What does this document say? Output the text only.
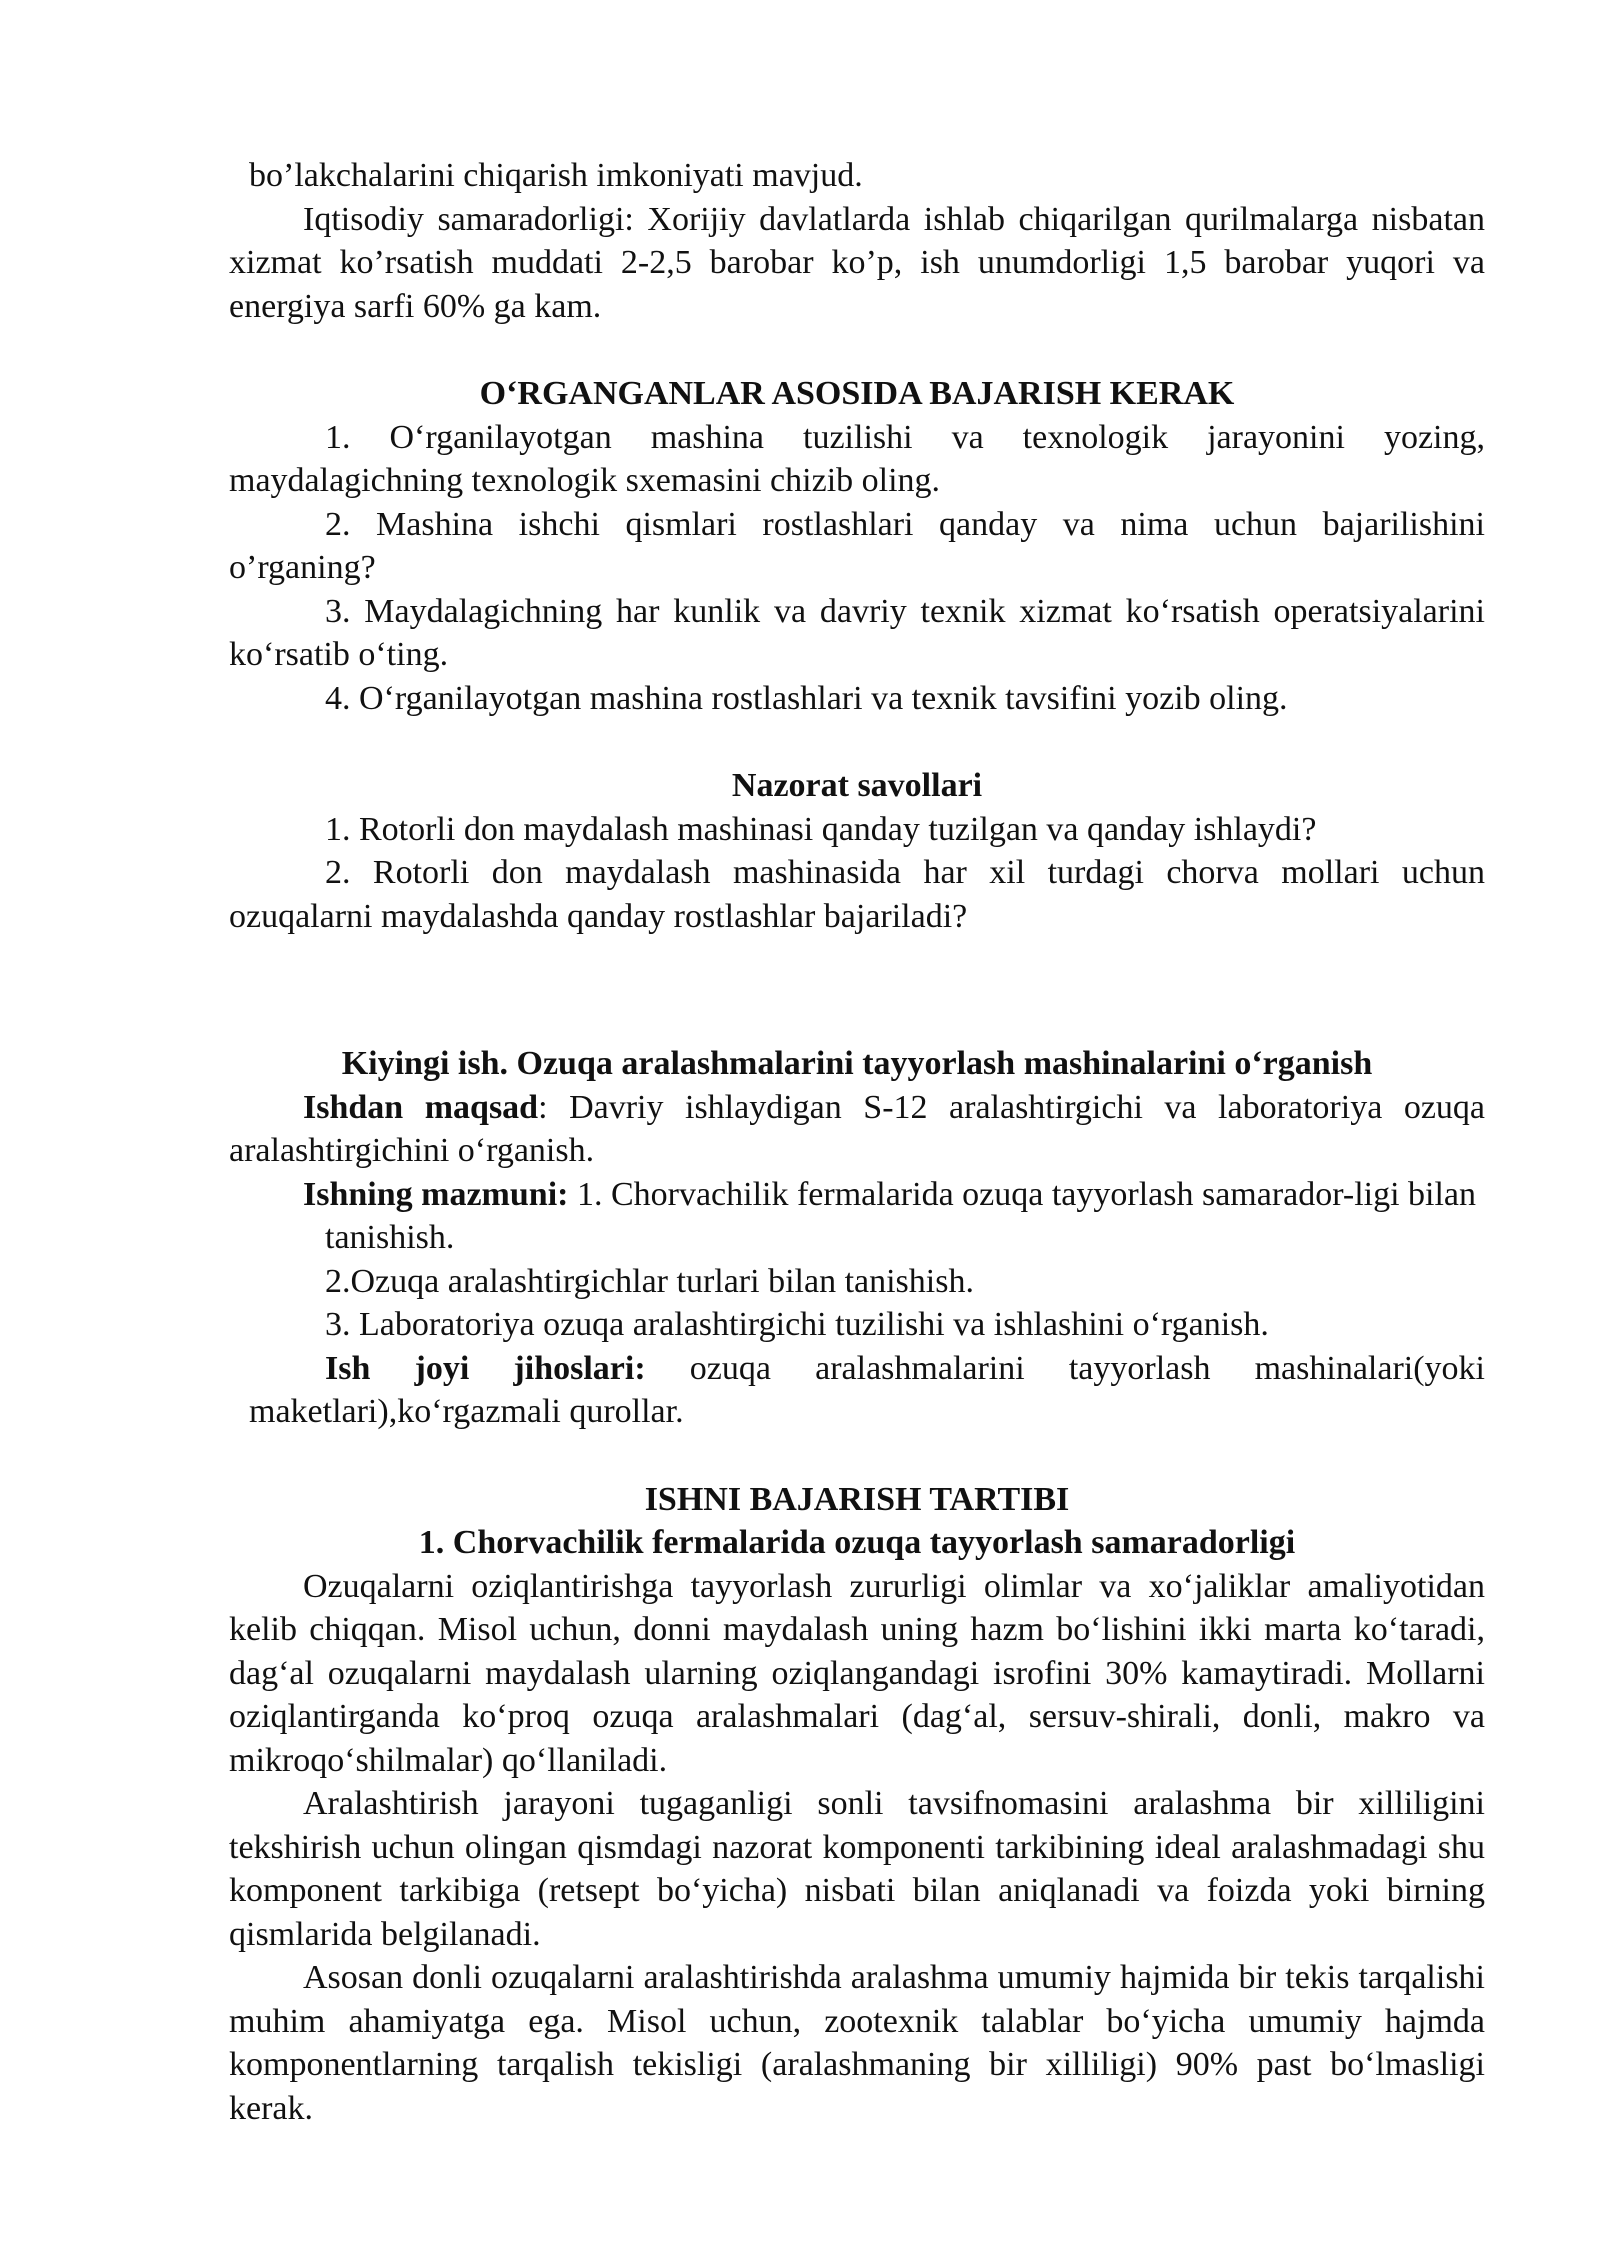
bo’lakchalarini chiqarish imkoniyati mavjud.

Iqtisodiy samaradorligi: Xorijiy davlatlarda ishlab chiqarilgan qurilmalarga nisbatan xizmat ko’rsatish muddati 2-2,5 barobar ko’p, ish unumdorligi 1,5 barobar yuqori va energiya sarfi 60% ga kam.

O‘RGANGANLAR ASOSIDA BAJARISH KERAK

1. O‘rganilayotgan mashina tuzilishi va texnologik jarayonini yozing, maydalagichning texnologik sxemasini chizib oling.

2. Mashina ishchi qismlari rostlashlari qanday va nima uchun bajarilishini o’rganing?

3. Maydalagichning har kunlik va davriy texnik xizmat ko‘rsatish operatsiyalarini ko‘rsatib o‘ting.

4. O‘rganilayotgan mashina rostlashlari va texnik tavsifini yozib oling.

Nazorat savollari

1. Rotorli don maydalash mashinasi qanday tuzilgan va qanday ishlaydi?

2. Rotorli don maydalash mashinasida har xil turdagi chorva mollari uchun ozuqalarni maydalashda qanday rostlashlar bajariladi?

Kiyingi ish. Ozuqa aralashmalarini tayyorlash mashinalarini o‘rganish

Ishdan maqsad: Davriy ishlaydigan S-12 aralashtirgichi va laboratoriya ozuqa aralashtirgichini o‘rganish.

Ishning mazmuni: 1. Chorvachilik fermalarida ozuqa tayyorlash samarador-ligi bilan tanishish.

2.Ozuqa aralashtirgichlar turlari bilan tanishish.

3. Laboratoriya ozuqa aralashtirgichi tuzilishi va ishlashini o‘rganish.

Ish joyi jihoslari: ozuqa aralashmalarini tayyorlash mashinalari(yoki maketlari),ko‘rgazmali qurollar.

ISHNI BAJARISH TARTIBI

1. Chorvachilik fermalarida ozuqa tayyorlash samaradorligi

Ozuqalarni oziqlantirishga tayyorlash zururligi olimlar va xo‘jaliklar amaliyotidan kelib chiqqan. Misol uchun, donni maydalash uning hazm bo‘lishini ikki marta ko‘taradi, dag‘al ozuqalarni maydalash ularning oziqlangandagi isrofini 30% kamaytiradi. Mollarni oziqlantirganda ko‘proq ozuqa aralashmalari (dag‘al, sersuv-shirali, donli, makro va mikroqo‘shilmalar) qo‘llaniladi.

Aralashtirish jarayoni tugaganligi sonli tavsifnomasini aralashma bir xilliligini tekshirish uchun olingan qismdagi nazorat komponenti tarkibining ideal aralashmadagi shu komponent tarkibiga (retsept bo‘yicha) nisbati bilan aniqlanadi va foizda yoki birning qismlarida belgilanadi.

Asosan donli ozuqalarni aralashtirishda aralashma umumiy hajmida bir tekis tarqalishi muhim ahamiyatga ega. Misol uchun, zootexnik talablar bo‘yicha umumiy hajmda komponentlarning tarqalish tekisligi (aralashmaning bir xilliligi) 90% past bo‘lmasligi kerak.
